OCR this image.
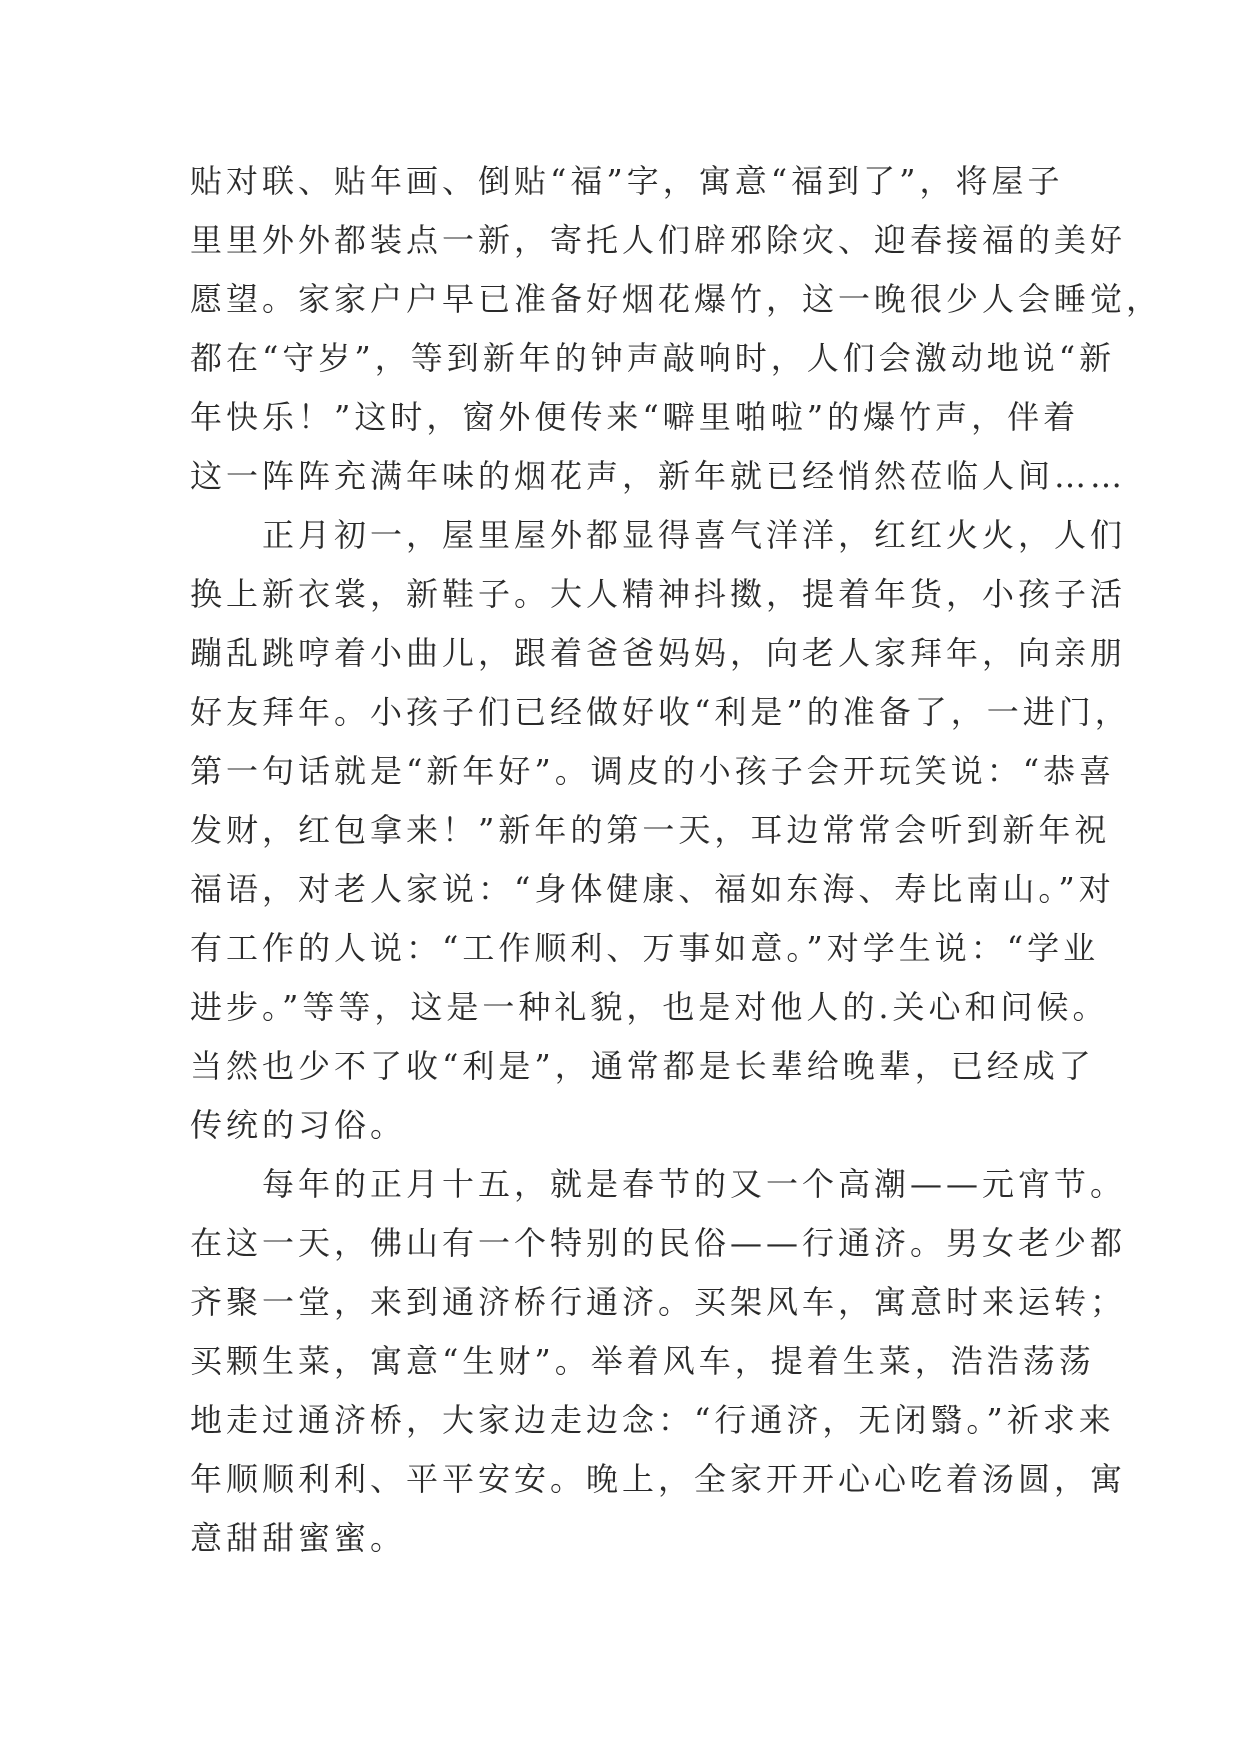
贴对联、贴年画、倒贴“福”字，寓意“福到了”，将屋子
里里外外都装点一新，寄托人们辟邪除灾、迎春接福的美好
愿望。家家户户早已准备好烟花爆竹，这一晚很少人会睡觉，
都在“守岁”，等到新年的钟声敲响时，人们会激动地说“新
年快乐！”这时，窗外便传来“噼里啪啦”的爆竹声，伴着
这一阵阵充满年味的烟花声，新年就已经悄然莅临人间……
正月初一，屋里屋外都显得喜气洋洋，红红火火，人们
换上新衣裳，新鞋子。大人精神抖擞，提着年货，小孩子活
蹦乱跳哼着小曲儿，跟着爸爸妈妈，向老人家拜年，向亲朋
好友拜年。小孩子们已经做好收“利是”的准备了，一进门，
第一句话就是“新年好”。调皮的小孩子会开玩笑说：“恭喜
发财，红包拿来！”新年的第一天，耳边常常会听到新年祝
福语，对老人家说：“身体健康、福如东海、寿比南山。”对
有工作的人说：“工作顺利、万事如意。”对学生说：“学业
进步。”等等，这是一种礼貌，也是对他人的.关心和问候。
当然也少不了收“利是”，通常都是长辈给晚辈，已经成了
传统的习俗。
每年的正月十五，就是春节的又一个高潮——元宵节。
在这一天，佛山有一个特别的民俗——行通济。男女老少都
齐聚一堂，来到通济桥行通济。买架风车，寓意时来运转；
买颗生菜，寓意“生财”。举着风车，提着生菜，浩浩荡荡
地走过通济桥，大家边走边念：“行通济，无闭翳。”祈求来
年顺顺利利、平平安安。晚上，全家开开心心吃着汤圆，寓
意甜甜蜜蜜。
